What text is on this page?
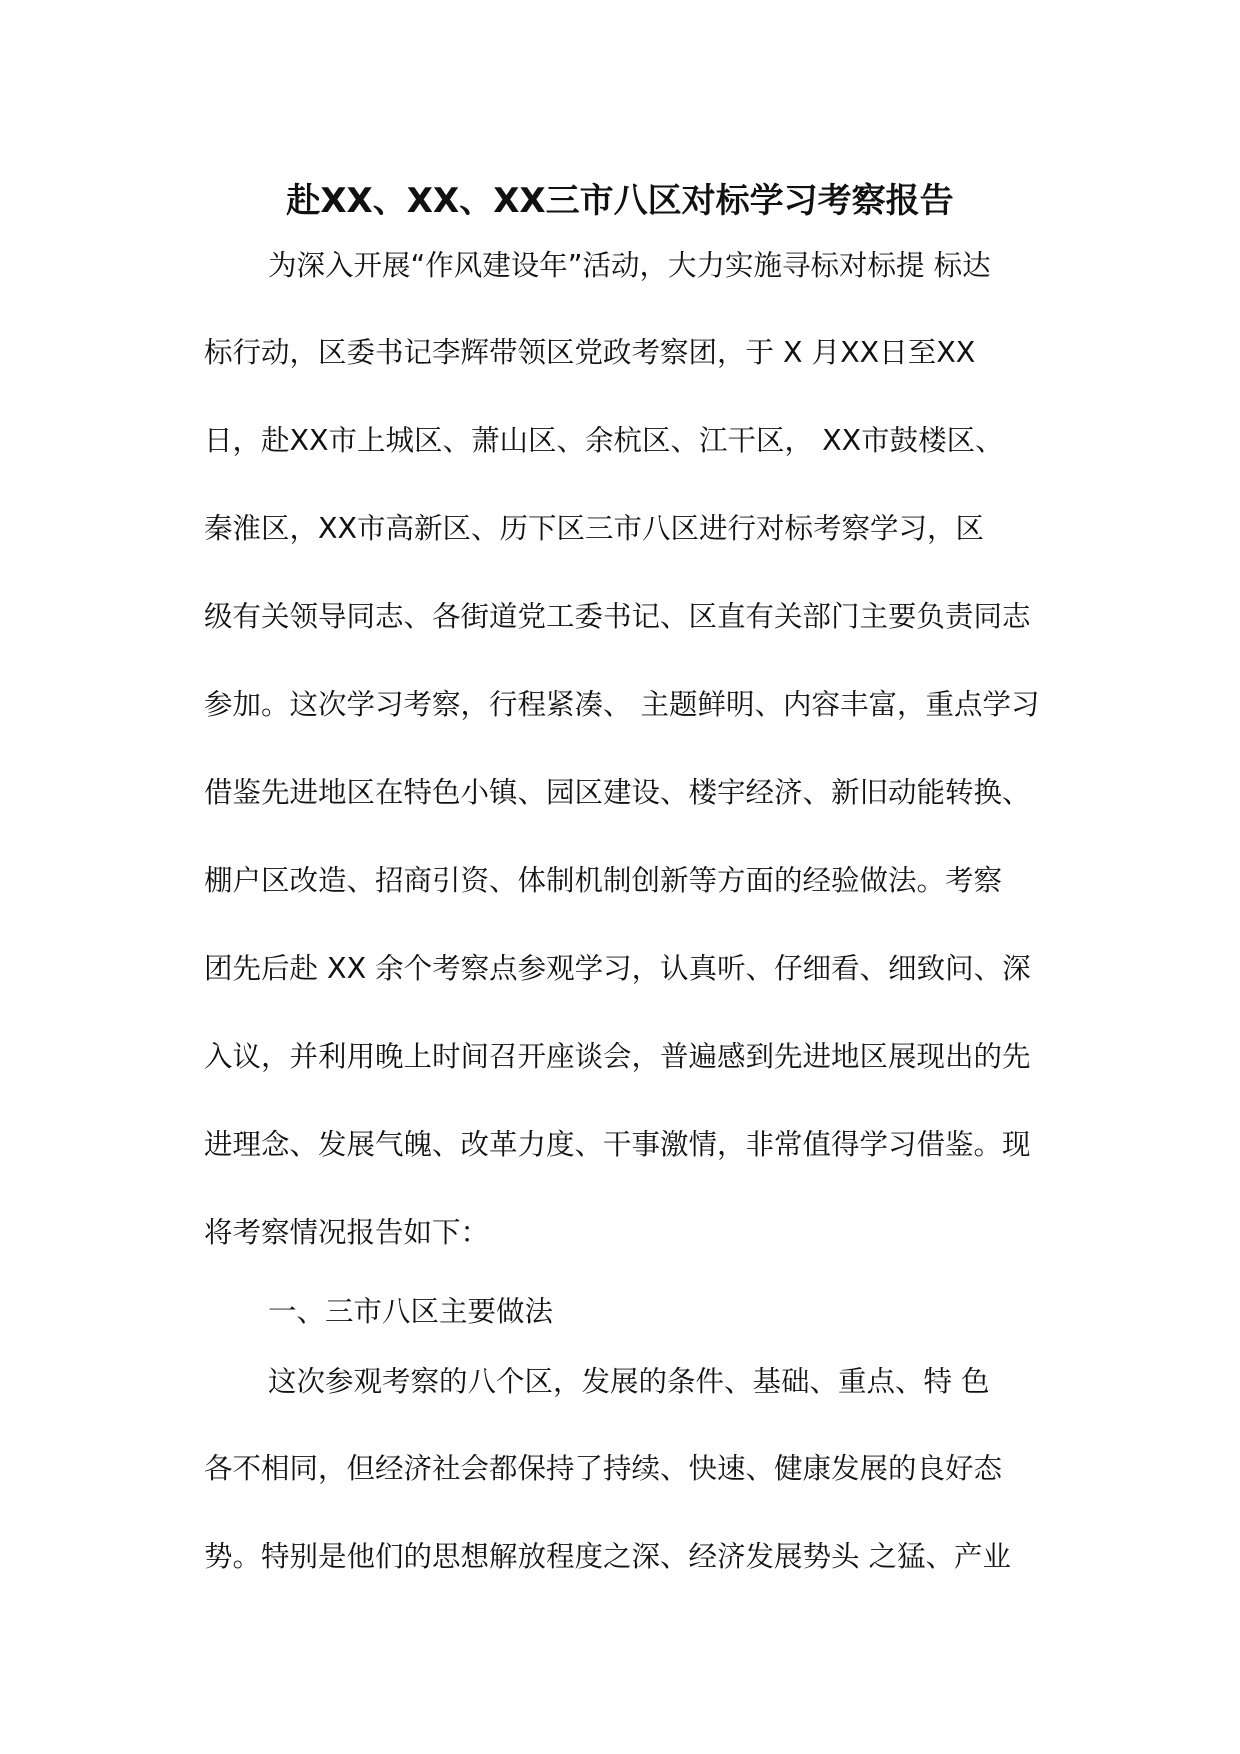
赴XX、XX、XX三市八区对标学习考察报告
为深入开展“作风建设年”活动，大力实施寻标对标提 标达
标行动，区委书记李辉带领区党政考察团，于 X 月XX日至XX
日，赴XX市上城区、萧山区、余杭区、江干区， XX市鼓楼区、
秦淮区，XX市高新区、历下区三市八区进行对标考察学习，区
级有关领导同志、各街道党工委书记、区直有关部门主要负责同志
参加。这次学习考察，行程紧凑、 主题鲜明、内容丰富，重点学习
借鉴先进地区在特色小镇、园区建设、楼宇经济、新旧动能转换、
棚户区改造、招商引资、体制机制创新等方面的经验做法。考察
团先后赴 XX 余个考察点参观学习，认真听、仔细看、细致问、深
入议，并利用晚上时间召开座谈会，普遍感到先进地区展现出的先
进理念、发展气魄、改革力度、干事激情，非常值得学习借鉴。现
将考察情况报告如下：
一、三市八区主要做法
这次参观考察的八个区，发展的条件、基础、重点、特 色
各不相同，但经济社会都保持了持续、快速、健康发展的良好态
势。特别是他们的思想解放程度之深、经济发展势头 之猛、产业
